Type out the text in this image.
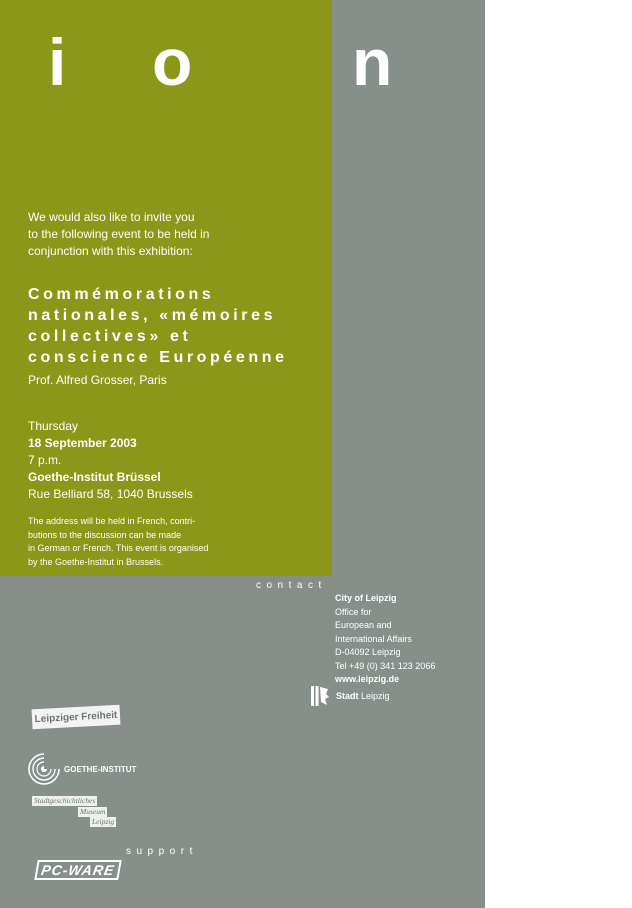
i o
We would also like to invite you
to the following event to be held in
conjunction with this exhibition:
Commémorations
nationales, «mémoires
collectives» et
conscience Européenne
Prof. Alfred Grosser, Paris
Thursday
18 September 2003
7 p.m.
Goethe-Institut Brüssel
Rue Belliard 58, 1040 Brussels
The address will be held in French, contri-
butions to the discussion can be made
in German or French. This event is organised
by the Goethe-Institut in Brussels.
n
contact
City of Leipzig
Office for
European and
International Affairs
D-04092 Leipzig
Tel +49 (0) 341 123 2066
www.leipzig.de
Stadt Leipzig
Leipziger Freiheit
GOETHE-INSTITUT
Stadtgeschichtliches
Museum
Leipzig
support
PC-WARE
